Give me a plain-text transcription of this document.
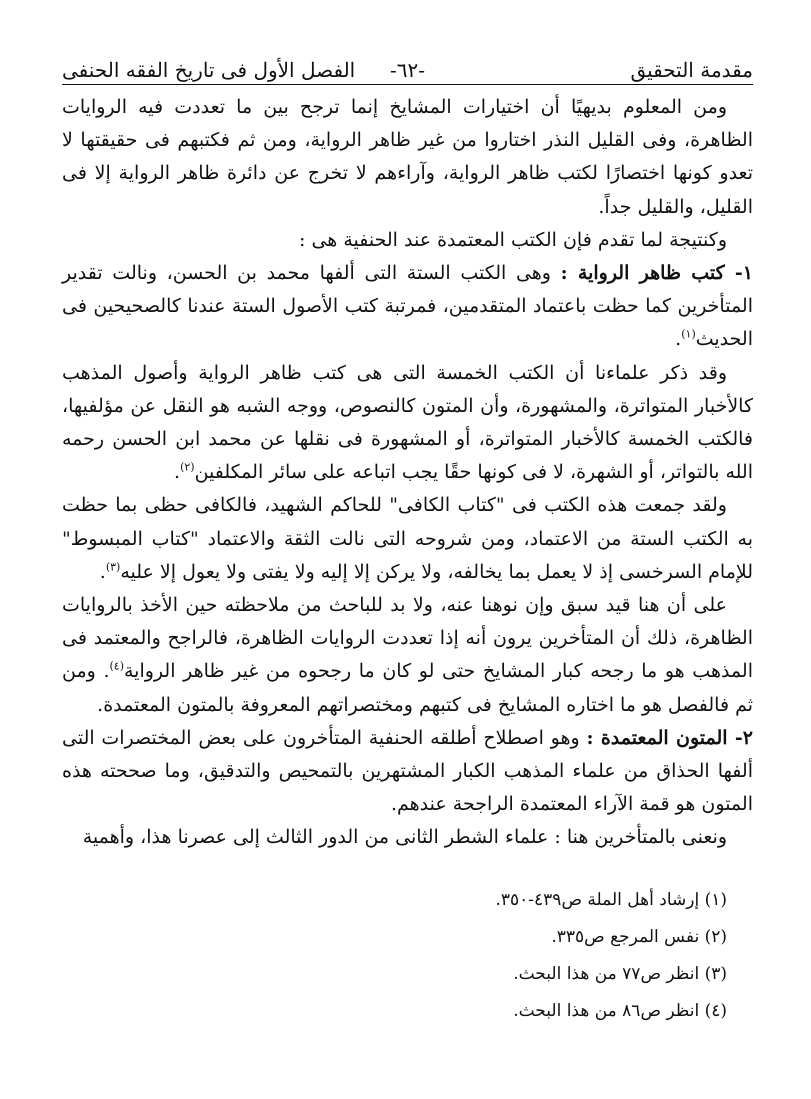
مقدمة التحقيق
-٦٢-
الفصل الأول فى تاريخ الفقه الحنفى

ومن المعلوم بديهيًا أن اختيارات المشايخ إنما ترجح بين ما تعددت فيه الروايات الظاهرة، وفى القليل النذر اختاروا من غير ظاهر الرواية، ومن ثم فكتبهم فى حقيقتها لا تعدو كونها اختصارًا لكتب ظاهر الرواية، وآراءهم لا تخرج عن دائرة ظاهر الرواية إلا فى القليل، والقليل جداً.

وكنتيجة لما تقدم فإن الكتب المعتمدة عند الحنفية هى :

١- كتب ظاهر الرواية : وهى الكتب الستة التى ألفها محمد بن الحسن، ونالت تقدير المتأخرين كما حظت باعتماد المتقدمين، فمرتبة كتب الأصول الستة عندنا كالصحيحين فى الحديث$^{(١)}$.

وقد ذكر علماءنا أن الكتب الخمسة التى هى كتب ظاهر الرواية وأصول المذهب كالأخبار المتواترة، والمشهورة، وأن المتون كالنصوص، ووجه الشبه هو النقل عن مؤلفيها، فالكتب الخمسة كالأخبار المتواترة، أو المشهورة فى نقلها عن محمد ابن الحسن رحمه الله بالتواتر، أو الشهرة، لا فى كونها حقًا يجب اتباعه على سائر المكلفين$^{(٢)}$.

ولقد جمعت هذه الكتب فى "كتاب الكافى" للحاكم الشهيد، فالكافى حظى بما حظت به الكتب الستة من الاعتماد، ومن شروحه التى نالت الثقة والاعتماد "كتاب المبسوط" للإمام السرخسى إذ لا يعمل بما يخالفه، ولا يركن إلا إليه ولا يفتى ولا يعول إلا عليه$^{(٣)}$.

على أن هنا قيد سبق وإن نوهنا عنه، ولا بد للباحث من ملاحظته حين الأخذ بالروايات الظاهرة، ذلك أن المتأخرين يرون أنه إذا تعددت الروايات الظاهرة، فالراجح والمعتمد فى المذهب هو ما رجحه كبار المشايخ حتى لو كان ما رجحوه من غير ظاهر الرواية$^{(٤)}$. ومن ثم فالفصل هو ما اختاره المشايخ فى كتبهم ومختصراتهم المعروفة بالمتون المعتمدة.

٢- المتون المعتمدة : وهو اصطلاح أطلقه الحنفية المتأخرون على بعض المختصرات التى ألفها الحذاق من علماء المذهب الكبار المشتهرين بالتمحيص والتدقيق، وما صححته هذه المتون هو قمة الآراء المعتمدة الراجحة عندهم.

ونعنى بالمتأخرين هنا : علماء الشطر الثانى من الدور الثالث إلى عصرنا هذا، وأهمية

(١) إرشاد أهل الملة ص٤٣٩-٣٥٠.
(٢) نفس المرجع ص٣٣٥.
(٣) انظر ص٧٧ من هذا البحث.
(٤) انظر ص٨٦ من هذا البحث.
